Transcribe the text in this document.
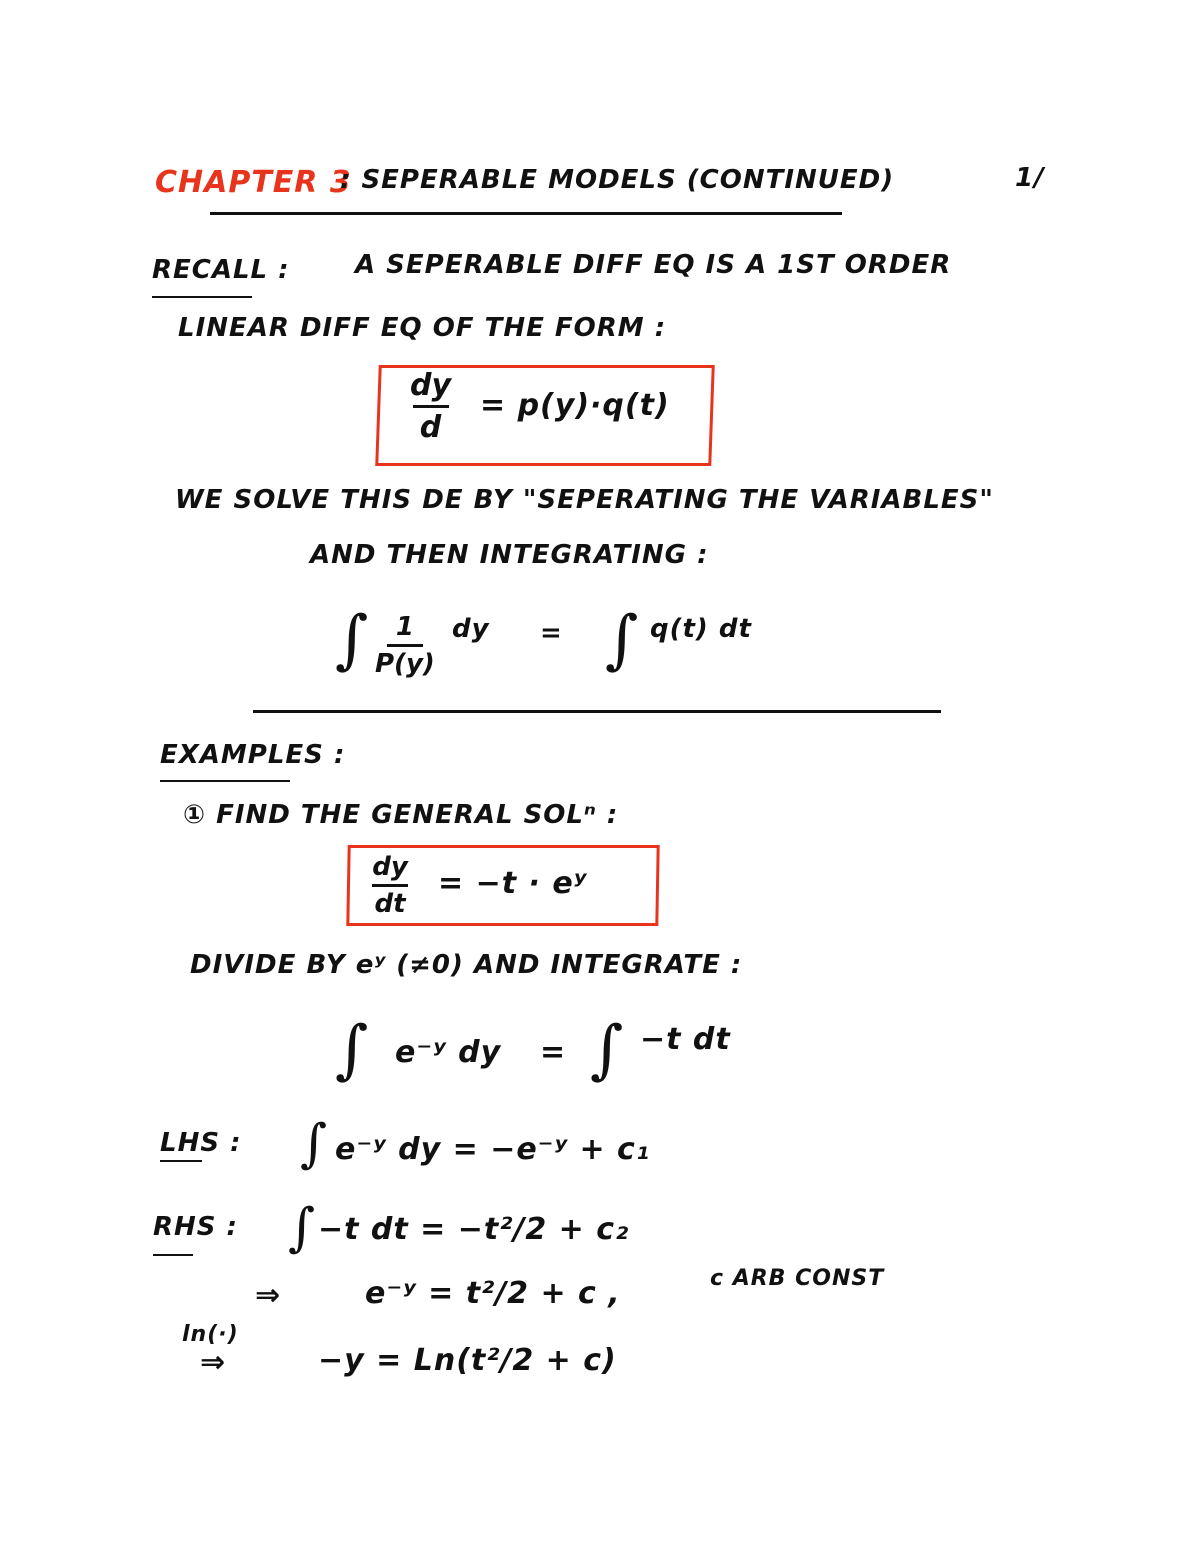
CHAPTER 3
: SEPERABLE MODELS (CONTINUED)	1/
RECALL :	A SEPERABLE DIFF EQ IS A 1ST ORDER
LINEAR DIFF EQ OF THE FORM :
dy
d
= p(y)·q(t)
WE SOLVE THIS DE BY "SEPERATING THE VARIABLES"
AND THEN INTEGRATING :
∫ 1
P(y)
dy = ∫ q(t) dt
EXAMPLES :
① FIND THE GENERAL SOLⁿ :
dy
dt
= −t · eʸ
DIVIDE BY eʸ (≠0) AND INTEGRATE :
∫ e⁻ʸ dy = ∫ −t dt
LHS : ∫ e⁻ʸ dy = −e⁻ʸ + c₁
RHS : ∫ −t dt = −t²/2 + c₂
⇒	e⁻ʸ = t²/2 + c ,	c ARB CONST
ln(·)
⇒	−y = Ln(t²/2 + c)
